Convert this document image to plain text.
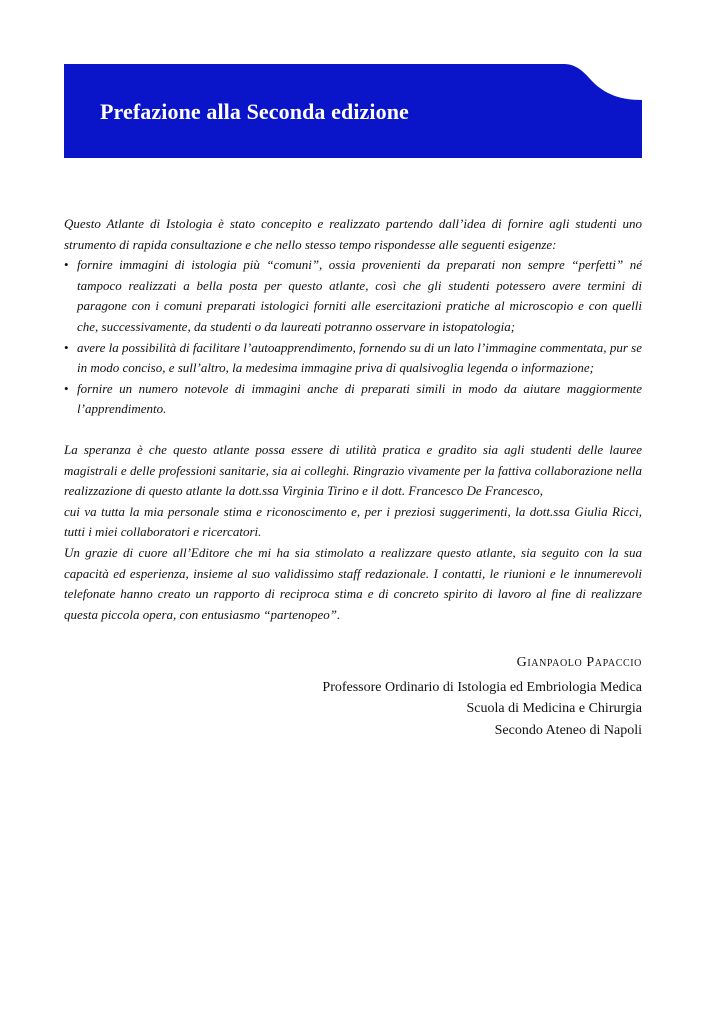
Prefazione alla Seconda edizione

Questo Atlante di Istologia è stato concepito e realizzato partendo dall’idea di fornire agli studenti uno strumento di rapida consultazione e che nello stesso tempo rispondesse alle seguenti esigenze:

• fornire immagini di istologia più “comuni”, ossia provenienti da preparati non sempre “perfetti” né tampoco realizzati a bella posta per questo atlante, così che gli studenti potessero avere termini di paragone con i comuni preparati istologici forniti alle esercitazioni pratiche al microscopio e con quelli che, successivamente, da studenti o da laureati potranno osservare in istopatologia;
• avere la possibilità di facilitare l’autoapprendimento, fornendo su di un lato l’immagine commentata, pur se in modo conciso, e sull’altro, la medesima immagine priva di qualsivoglia legenda o informazione;
• fornire un numero notevole di immagini anche di preparati simili in modo da aiutare maggiormente l’apprendimento.

La speranza è che questo atlante possa essere di utilità pratica e gradito sia agli studenti delle lauree magistrali e delle professioni sanitarie, sia ai colleghi. Ringrazio vivamente per la fattiva collaborazione nella realizzazione di questo atlante la dott.ssa Virginia Tirino e il dott. Francesco De Francesco,

cui va tutta la mia personale stima e riconoscimento e, per i preziosi suggerimenti, la dott.ssa Giulia Ricci, tutti i miei collaboratori e ricercatori.

Un grazie di cuore all’Editore che mi ha sia stimolato a realizzare questo atlante, sia seguito con la sua capacità ed esperienza, insieme al suo validissimo staff redazionale. I contatti, le riunioni e le innumerevoli telefonate hanno creato un rapporto di reciproca stima e di concreto spirito di lavoro al fine di realizzare questa piccola opera, con entusiasmo “partenopeo”.

Gianpaolo Papaccio
Professore Ordinario di Istologia ed Embriologia Medica
Scuola di Medicina e Chirurgia
Secondo Ateneo di Napoli
